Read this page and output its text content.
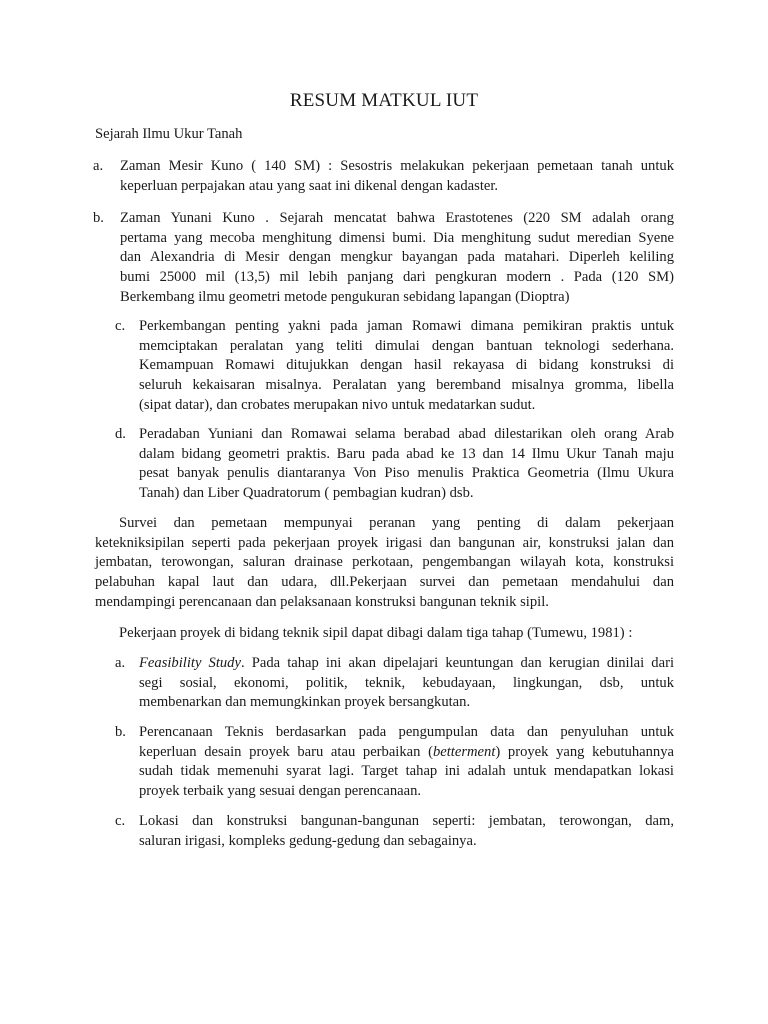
RESUM MATKUL IUT
Sejarah Ilmu Ukur Tanah
a. Zaman Mesir Kuno ( 140 SM) : Sesostris melakukan pekerjaan pemetaan tanah untuk
keperluan perpajakan atau yang saat ini dikenal dengan kadaster.
b. Zaman Yunani Kuno . Sejarah mencatat bahwa Erastotenes (220 SM adalah orang
pertama yang mecoba menghitung dimensi bumi. Dia menghitung sudut meredian Syene
dan Alexandria di Mesir dengan mengkur bayangan pada matahari. Diperleh keliling
bumi 25000 mil (13,5) mil lebih panjang dari pengkuran modern . Pada (120 SM)
Berkembang ilmu geometri metode pengukuran sebidang lapangan (Dioptra)
c. Perkembangan penting yakni pada jaman Romawi dimana pemikiran praktis untuk
memciptakan peralatan yang teliti dimulai dengan bantuan teknologi sederhana.
Kemampuan Romawi ditujukkan dengan hasil rekayasa di bidang konstruksi di
seluruh kekaisaran misalnya. Peralatan yang beremband misalnya gromma, libella
(sipat datar), dan crobates merupakan nivo untuk medatarkan sudut.
d. Peradaban Yuniani dan Romawai selama berabad abad dilestarikan oleh orang Arab
dalam bidang geometri praktis. Baru pada abad ke 13 dan 14 Ilmu Ukur Tanah maju
pesat banyak penulis diantaranya Von Piso menulis Praktica Geometria (Ilmu Ukura
Tanah) dan Liber Quadratorum ( pembagian kudran) dsb.
Survei dan pemetaan mempunyai peranan yang penting di dalam pekerjaan
ketekniksipilan seperti pada pekerjaan proyek irigasi dan bangunan air, konstruksi jalan dan
jembatan, terowongan, saluran drainase perkotaan, pengembangan wilayah kota, konstruksi
pelabuhan kapal laut dan udara, dll.Pekerjaan survei dan pemetaan mendahului dan
mendampingi perencanaan dan pelaksanaan konstruksi bangunan teknik sipil.
Pekerjaan proyek di bidang teknik sipil dapat dibagi dalam tiga tahap (Tumewu, 1981) :
a. Feasibility Study. Pada tahap ini akan dipelajari keuntungan dan kerugian dinilai dari
segi sosial, ekonomi, politik, teknik, kebudayaan, lingkungan, dsb, untuk
membenarkan dan memungkinkan proyek bersangkutan.
b. Perencanaan Teknis berdasarkan pada pengumpulan data dan penyuluhan untuk
keperluan desain proyek baru atau perbaikan (betterment) proyek yang kebutuhannya
sudah tidak memenuhi syarat lagi. Target tahap ini adalah untuk mendapatkan lokasi
proyek terbaik yang sesuai dengan perencanaan.
c. Lokasi dan konstruksi bangunan-bangunan seperti: jembatan, terowongan, dam,
saluran irigasi, kompleks gedung-gedung dan sebagainya.
